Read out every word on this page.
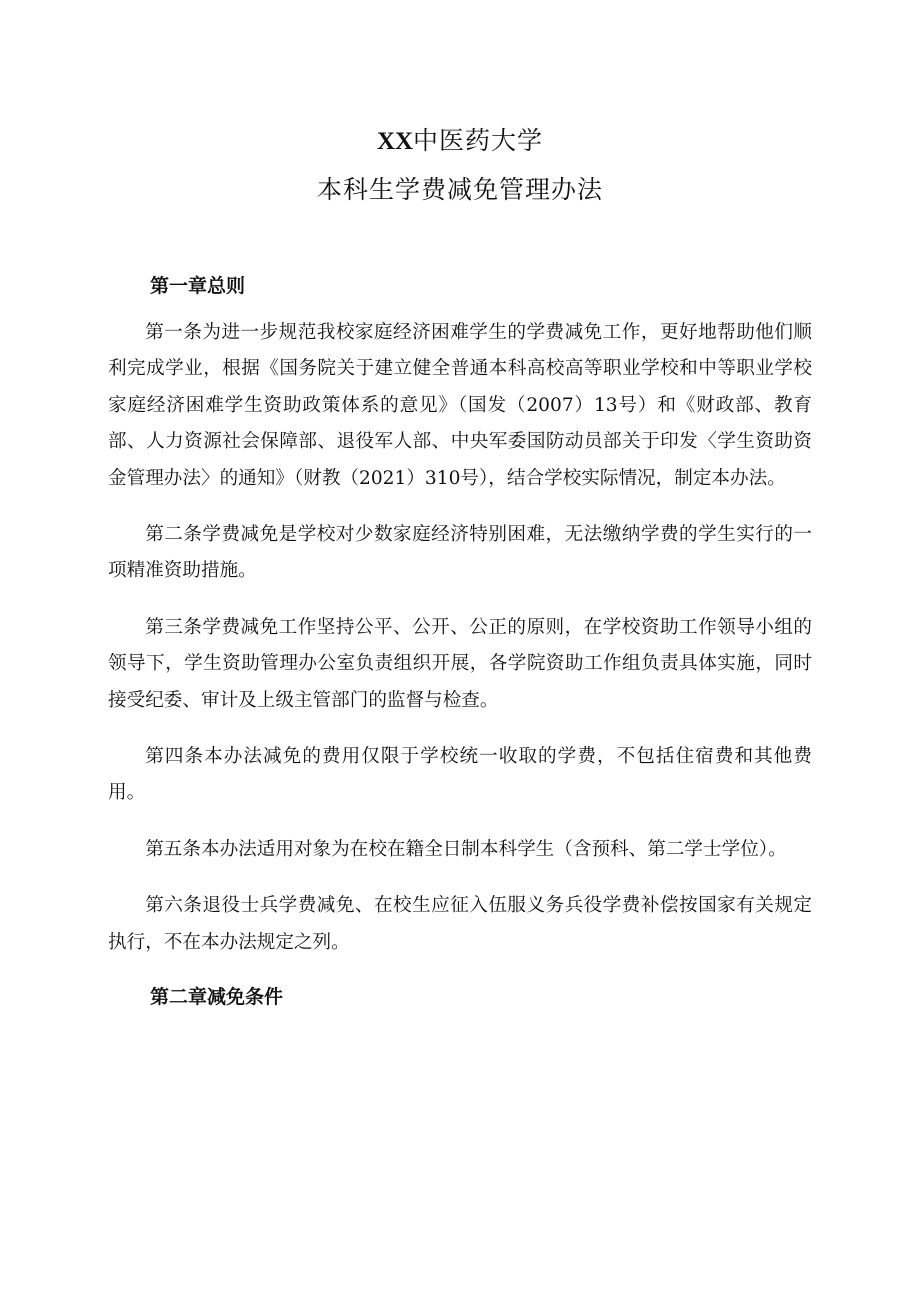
XX中医药大学
本科生学费减免管理办法
第一章总则

第一条为进一步规范我校家庭经济困难学生的学费减免工作，更好地帮助他们顺利完成学业，根据《国务院关于建立健全普通本科高校高等职业学校和中等职业学校家庭经济困难学生资助政策体系的意见》（国发（2007）13号）和《财政部、教育部、人力资源社会保障部、退役军人部、中央军委国防动员部关于印发〈学生资助资金管理办法〉的通知》（财教（2021）310号），结合学校实际情况，制定本办法。

第二条学费减免是学校对少数家庭经济特别困难，无法缴纳学费的学生实行的一项精准资助措施。

第三条学费减免工作坚持公平、公开、公正的原则，在学校资助工作领导小组的领导下，学生资助管理办公室负责组织开展，各学院资助工作组负责具体实施，同时接受纪委、审计及上级主管部门的监督与检查。

第四条本办法减免的费用仅限于学校统一收取的学费，不包括住宿费和其他费用。

第五条本办法适用对象为在校在籍全日制本科学生（含预科、第二学士学位）。

第六条退役士兵学费减免、在校生应征入伍服义务兵役学费补偿按国家有关规定执行，不在本办法规定之列。

第二章减免条件
